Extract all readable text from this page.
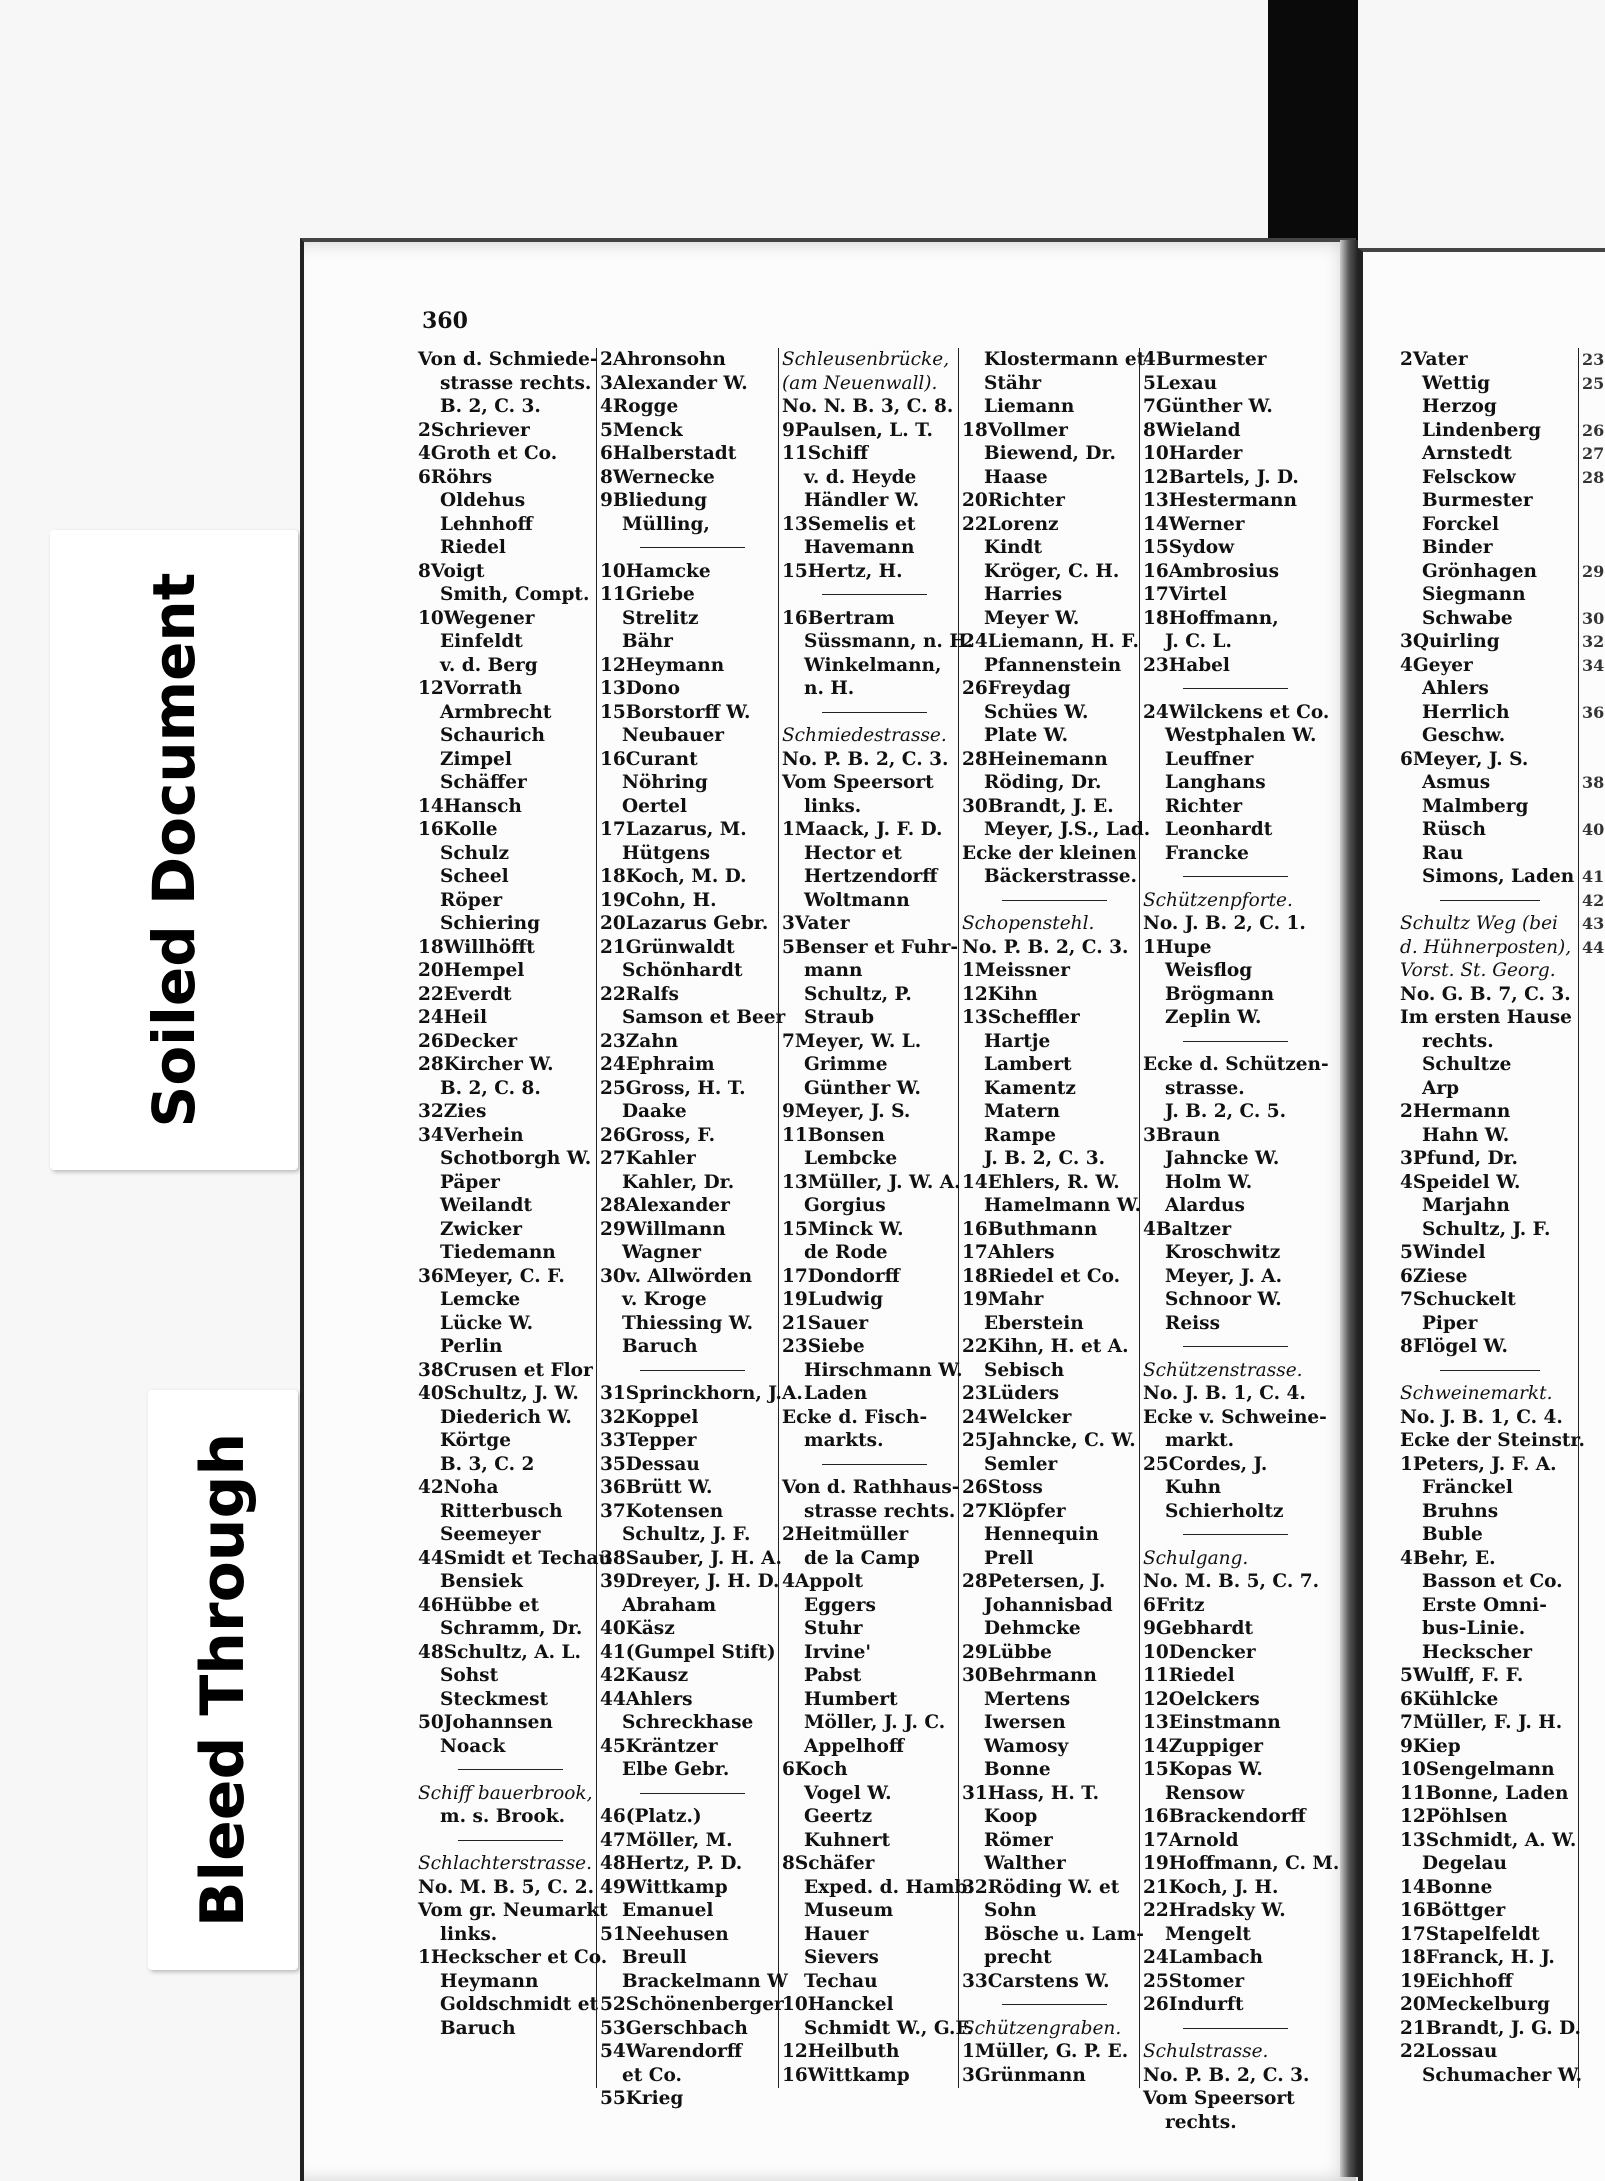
360
Von d. Schmiede-
strasse rechts.
B. 2, C. 3.
2Schriever
4Groth et Co.
6Röhrs
Oldehus
Lehnhoff
Riedel
8Voigt
Smith, Compt.
10Wegener
Einfeldt
v. d. Berg
12Vorrath
Armbrecht
Schaurich
Zimpel
Schäffer
14Hansch
16Kolle
Schulz
Scheel
Röper
Schiering
18Willhöfft
20Hempel
22Everdt
24Heil
26Decker
28Kircher W.
B. 2, C. 8.
32Zies
34Verhein
Schotborgh W.
Päper
Weilandt
Zwicker
Tiedemann
36Meyer, C. F.
Lemcke
Lücke W.
Perlin
38Crusen et Flor
40Schultz, J. W.
Diederich W.
Körtge
B. 3, C. 2
42Noha
Ritterbusch
Seemeyer
44Smidt et Techau
Bensiek
46Hübbe et
Schramm, Dr.
48Schultz, A. L.
Sohst
Steckmest
50Johannsen
Noack
Schiff bauerbrook,
m. s. Brook.
Schlachterstrasse.
No. M. B. 5, C. 2.
Vom gr. Neumarkt
links.
1Heckscher et Co.
Heymann
Goldschmidt et
Baruch
2Ahronsohn
3Alexander W.
4Rogge
5Menck
6Halberstadt
8Wernecke
9Bliedung
Mülling,
10Hamcke
11Griebe
Strelitz
Bähr
12Heymann
13Dono
15Borstorff W.
Neubauer
16Curant
Nöhring
Oertel
17Lazarus, M.
Hütgens
18Koch, M. D.
19Cohn, H.
20Lazarus Gebr.
21Grünwaldt
Schönhardt
22Ralfs
Samson et Beer
23Zahn
24Ephraim
25Gross, H. T.
Daake
26Gross, F.
27Kahler
Kahler, Dr.
28Alexander
29Willmann
Wagner
30v. Allwörden
v. Kroge
Thiessing W.
Baruch
31Sprinckhorn, J.A.
32Koppel
33Tepper
35Dessau
36Brütt W.
37Kotensen
Schultz, J. F.
38Sauber, J. H. A.
39Dreyer, J. H. D.
Abraham
40Käsz
41(Gumpel Stift)
42Kausz
44Ahlers
Schreckhase
45Kräntzer
Elbe Gebr.
46(Platz.)
47Möller, M.
48Hertz, P. D.
49Wittkamp
Emanuel
51Neehusen
Breull
Brackelmann W
52Schönenberger
53Gerschbach
54Warendorff
et Co.
55Krieg
Schleusenbrücke,
(am Neuenwall).
No. N. B. 3, C. 8.
9Paulsen, L. T.
11Schiff
v. d. Heyde
Händler W.
13Semelis et
Havemann
15Hertz, H.
16Bertram
Süssmann, n. H.
Winkelmann,
n. H.
Schmiedestrasse.
No. P. B. 2, C. 3.
Vom Speersort
links.
1Maack, J. F. D.
Hector et
Hertzendorff
Woltmann
3Vater
5Benser et Fuhr-
mann
Schultz, P.
Straub
7Meyer, W. L.
Grimme
Günther W.
9Meyer, J. S.
11Bonsen
Lembcke
13Müller, J. W. A.
Gorgius
15Minck W.
de Rode
17Dondorff
19Ludwig
21Sauer
23Siebe
Hirschmann W.
Laden
Ecke d. Fisch-
markts.
Von d. Rathhaus-
strasse rechts.
2Heitmüller
de la Camp
4Appolt
Eggers
Stuhr
Irvine'
Pabst
Humbert
Möller, J. J. C.
Appelhoff
6Koch
Vogel W.
Geertz
Kuhnert
8Schäfer
Exped. d. Hamb.
Museum
Hauer
Sievers
Techau
10Hanckel
Schmidt W., G.F.
12Heilbuth
16Wittkamp
Klostermann et
Stähr
Liemann
18Vollmer
Biewend, Dr.
Haase
20Richter
22Lorenz
Kindt
Kröger, C. H.
Harries
Meyer W.
24Liemann, H. F.
Pfannenstein
26Freydag
Schües W.
Plate W.
28Heinemann
Röding, Dr.
30Brandt, J. E.
Meyer, J.S., Lad.
Ecke der kleinen
Bäckerstrasse.
Schopenstehl.
No. P. B. 2, C. 3.
1Meissner
12Kihn
13Scheffler
Hartje
Lambert
Kamentz
Matern
Rampe
J. B. 2, C. 3.
14Ehlers, R. W.
Hamelmann W.
16Buthmann
17Ahlers
18Riedel et Co.
19Mahr
Eberstein
22Kihn, H. et A.
Sebisch
23Lüders
24Welcker
25Jahncke, C. W.
Semler
26Stoss
27Klöpfer
Hennequin
Prell
28Petersen, J.
Johannisbad
Dehmcke
29Lübbe
30Behrmann
Mertens
Iwersen
Wamosy
Bonne
31Hass, H. T.
Koop
Römer
Walther
32Röding W. et
Sohn
Bösche u. Lam-
precht
33Carstens W.
Schützengraben.
1Müller, G. P. E.
3Grünmann
4Burmester
5Lexau
7Günther W.
8Wieland
10Harder
12Bartels, J. D.
13Hestermann
14Werner
15Sydow
16Ambrosius
17Virtel
18Hoffmann,
J. C. L.
23Habel
24Wilckens et Co.
Westphalen W.
Leuffner
Langhans
Richter
Leonhardt
Francke
Schützenpforte.
No. J. B. 2, C. 1.
1Hupe
Weisflog
Brögmann
Zeplin W.
Ecke d. Schützen-
strasse.
J. B. 2, C. 5.
3Braun
Jahncke W.
Holm W.
Alardus
4Baltzer
Kroschwitz
Meyer, J. A.
Schnoor W.
Reiss
Schützenstrasse.
No. J. B. 1, C. 4.
Ecke v. Schweine-
markt.
25Cordes, J.
Kuhn
Schierholtz
Schulgang.
No. M. B. 5, C. 7.
6Fritz
9Gebhardt
10Dencker
11Riedel
12Oelckers
13Einstmann
14Zuppiger
15Kopas W.
Rensow
16Brackendorff
17Arnold
19Hoffmann, C. M.
21Koch, J. H.
22Hradsky W.
Mengelt
24Lambach
25Stomer
26Indurft
Schulstrasse.
No. P. B. 2, C. 3.
Vom Speersort
rechts.
2Vater
Wettig
Herzog
Lindenberg
Arnstedt
Felsckow
Burmester
Forckel
Binder
Grönhagen
Siegmann
Schwabe
3Quirling
4Geyer
Ahlers
Herrlich
Geschw.
6Meyer, J. S.
Asmus
Malmberg
Rüsch
Rau
Simons, Laden
Schultz Weg (bei
d. Hühnerposten),
Vorst. St. Georg.
No. G. B. 7, C. 3.
Im ersten Hause
rechts.
Schultze
Arp
2Hermann
Hahn W.
3Pfund, Dr.
4Speidel W.
Marjahn
Schultz, J. F.
5Windel
6Ziese
7Schuckelt
Piper
8Flögel W.
Schweinemarkt.
No. J. B. 1, C. 4.
Ecke der Steinstr.
1Peters, J. F. A.
Fränckel
Bruhns
Buble
4Behr, E.
Basson et Co.
Erste Omni-
bus-Linie.
Heckscher
5Wulff, F. F.
6Kühlcke
7Müller, F. J. H.
9Kiep
10Sengelmann
11Bonne, Laden
12Pöhlsen
13Schmidt, A. W.
Degelau
14Bonne
16Böttger
17Stapelfeldt
18Franck, H. J.
19Eichhoff
20Meckelburg
21Brandt, J. G. D.
22Lossau
Schumacher W.
23
25
26
27
28
29
30
32
34
36
38
40
41
42
43
44
Soiled Document
Bleed Through
